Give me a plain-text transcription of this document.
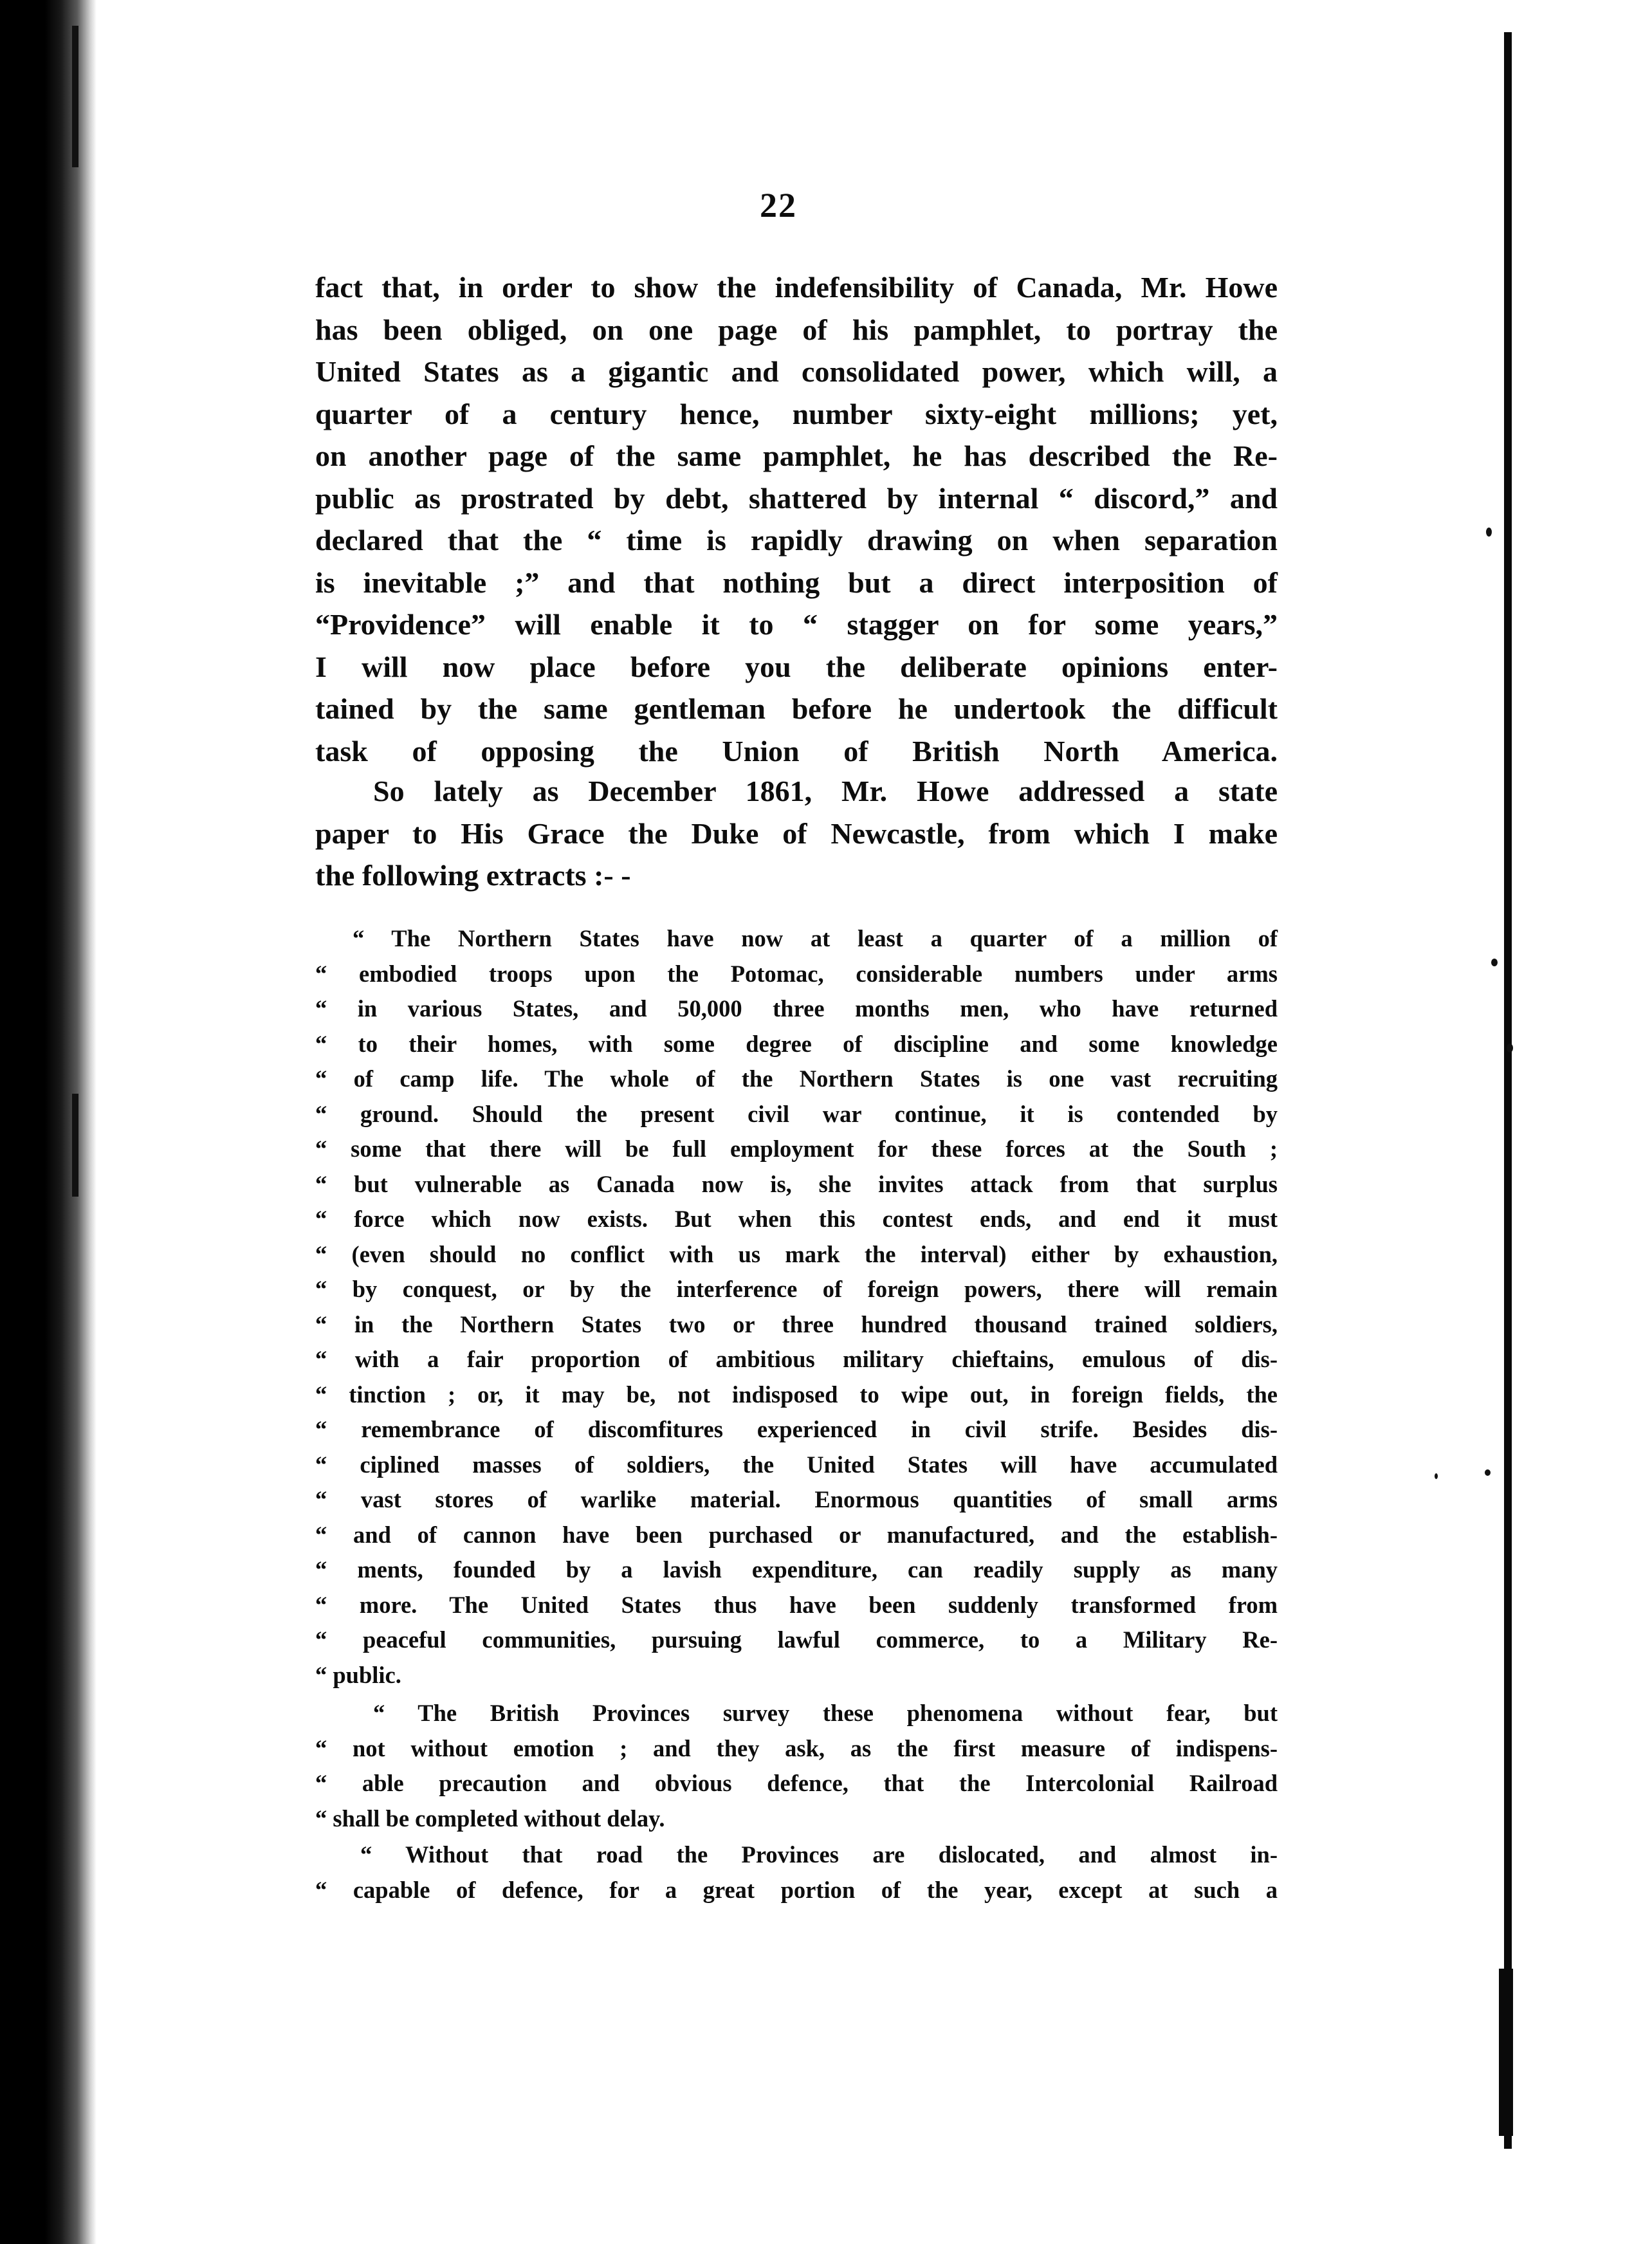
22

fact that, in order to show the indefensibility of Canada, Mr. Howe
has been obliged, on one page of his pamphlet, to portray the
United States as a gigantic and consolidated power, which will, a
quarter of a century hence, number sixty-eight millions; yet,
on another page of the same pamphlet, he has described the Re-
public as prostrated by debt, shattered by internal “ discord,” and
declared that the “ time is rapidly drawing on when separation
is inevitable ;” and that nothing but a direct interposition of
“Providence” will enable it to “ stagger on for some years,”
I will now place before you the deliberate opinions enter-
tained by the same gentleman before he undertook the difficult
task of opposing the Union of British North America.

So lately as December 1861, Mr. Howe addressed a state
paper to His Grace the Duke of Newcastle, from which I make
the following extracts :- -

“ The Northern States have now at least a quarter of a million of
“ embodied troops upon the Potomac, considerable numbers under arms
“ in various States, and 50,000 three months men, who have returned
“ to their homes, with some degree of discipline and some knowledge
“ of camp life. The whole of the Northern States is one vast recruiting
“ ground. Should the present civil war continue, it is contended by
“ some that there will be full employment for these forces at the South ;
“ but vulnerable as Canada now is, she invites attack from that surplus
“ force which now exists. But when this contest ends, and end it must
“ (even should no conflict with us mark the interval) either by exhaustion,
“ by conquest, or by the interference of foreign powers, there will remain
“ in the Northern States two or three hundred thousand trained soldiers,
“ with a fair proportion of ambitious military chieftains, emulous of dis-
“ tinction ; or, it may be, not indisposed to wipe out, in foreign fields, the
“ remembrance of discomfitures experienced in civil strife. Besides dis-
“ ciplined masses of soldiers, the United States will have accumulated
“ vast stores of warlike material. Enormous quantities of small arms
“ and of cannon have been purchased or manufactured, and the establish-
“ ments, founded by a lavish expenditure, can readily supply as many
“ more. The United States thus have been suddenly transformed from
“ peaceful communities, pursuing lawful commerce, to a Military Re-
“ public.

“ The British Provinces survey these phenomena without fear, but
“ not without emotion ; and they ask, as the first measure of indispens-
“ able precaution and obvious defence, that the Intercolonial Railroad
“ shall be completed without delay.

“ Without that road the Provinces are dislocated, and almost in-
“ capable of defence, for a great portion of the year, except at such a
